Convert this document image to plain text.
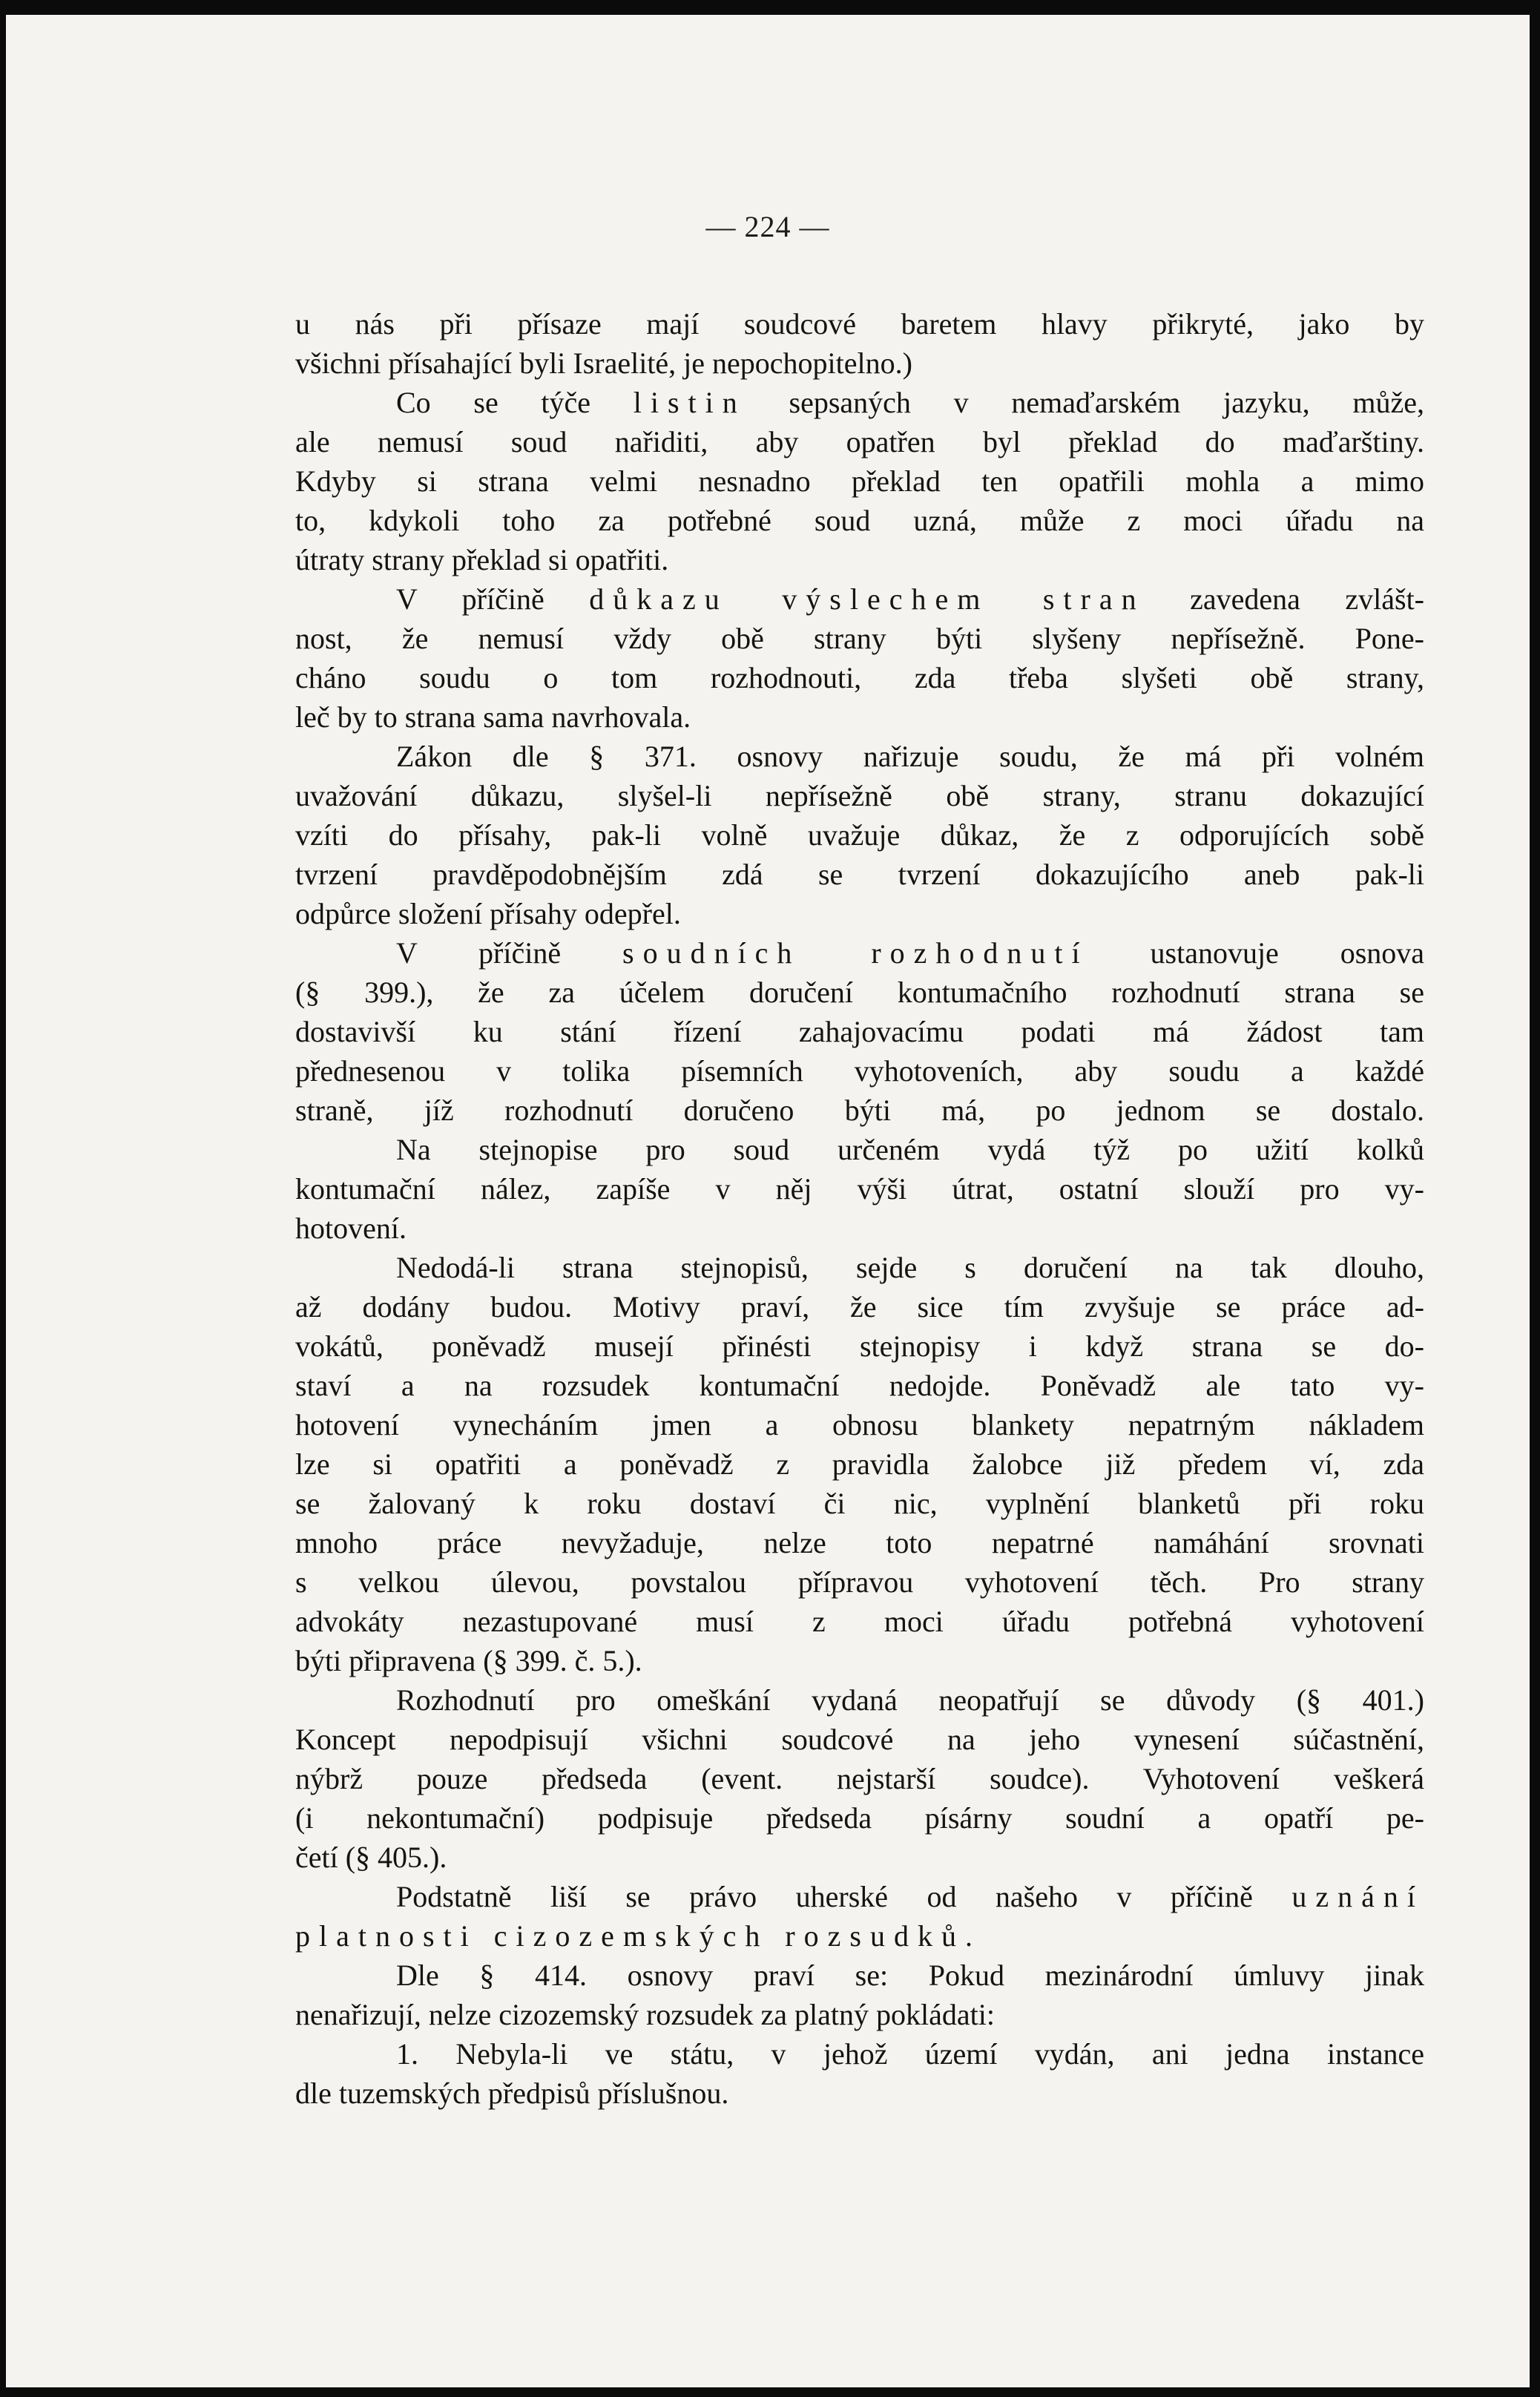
— 224 —
u nás při přísaze mají soudcové baretem hlavy přikryté, jako by
všichni přísahající byli Israelité, je nepochopitelno.)
Co se týče listin sepsaných v nemaďarském jazyku, může,
ale nemusí soud nařiditi, aby opatřen byl překlad do maďarštiny.
Kdyby si strana velmi nesnadno překlad ten opatřili mohla a mimo
to, kdykoli toho za potřebné soud uzná, může z moci úřadu na
útraty strany překlad si opatřiti.
V příčině důkazu výslechem stran zavedena zvlášt-
nost, že nemusí vždy obě strany býti slyšeny nepřísežně. Pone-
cháno soudu o tom rozhodnouti, zda třeba slyšeti obě strany,
leč by to strana sama navrhovala.
Zákon dle § 371. osnovy nařizuje soudu, že má při volném
uvažování důkazu, slyšel-li nepřísežně obě strany, stranu dokazující
vzíti do přísahy, pak-li volně uvažuje důkaz, že z odporujících sobě
tvrzení pravděpodobnějším zdá se tvrzení dokazujícího aneb pak-li
odpůrce složení přísahy odepřel.
V příčině soudních rozhodnutí ustanovuje osnova
(§ 399.), že za účelem doručení kontumačního rozhodnutí strana se
dostavivší ku stání řízení zahajovacímu podati má žádost tam
přednesenou v tolika písemních vyhotoveních, aby soudu a každé
straně, jíž rozhodnutí doručeno býti má, po jednom se dostalo.
Na stejnopise pro soud určeném vydá týž po užití kolků
kontumační nález, zapíše v něj výši útrat, ostatní slouží pro vy-
hotovení.
Nedodá-li strana stejnopisů, sejde s doručení na tak dlouho,
až dodány budou. Motivy praví, že sice tím zvyšuje se práce ad-
vokátů, poněvadž musejí přinésti stejnopisy i když strana se do-
staví a na rozsudek kontumační nedojde. Poněvadž ale tato vy-
hotovení vynecháním jmen a obnosu blankety nepatrným nákladem
lze si opatřiti a poněvadž z pravidla žalobce již předem ví, zda
se žalovaný k roku dostaví či nic, vyplnění blanketů při roku
mnoho práce nevyžaduje, nelze toto nepatrné namáhání srovnati
s velkou úlevou, povstalou přípravou vyhotovení těch. Pro strany
advokáty nezastupované musí z moci úřadu potřebná vyhotovení
býti připravena (§ 399. č. 5.).
Rozhodnutí pro omeškání vydaná neopatřují se důvody (§ 401.)
Koncept nepodpisují všichni soudcové na jeho vynesení súčastnění,
nýbrž pouze předseda (event. nejstarší soudce). Vyhotovení veškerá
(i nekontumační) podpisuje předseda písárny soudní a opatří pe-
četí (§ 405.).
Podstatně liší se právo uherské od našeho v příčině uznání
platnosti cizozemských rozsudků.
Dle § 414. osnovy praví se: Pokud mezinárodní úmluvy jinak
nenařizují, nelze cizozemský rozsudek za platný pokládati:
1. Nebyla-li ve státu, v jehož území vydán, ani jedna instance
dle tuzemských předpisů příslušnou.
